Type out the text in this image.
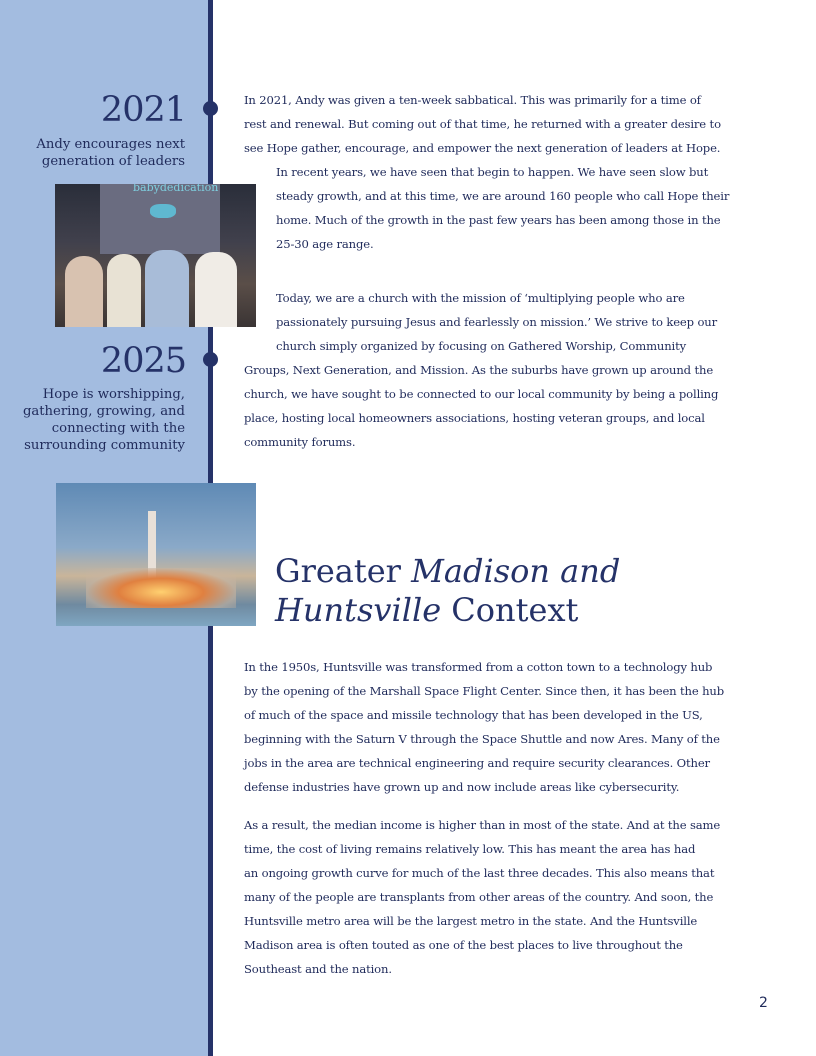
2021
Andy encourages next generation of leaders
2025
Hope is worshipping, gathering, growing, and connecting with the surrounding community
babydedication
Greater Madison and
Huntsville Context
In 2021, Andy was given a ten-week sabbatical. This was primarily for a time of
rest and renewal. But coming out of that time, he returned with a greater desire to
see Hope gather, encourage, and empower the next generation of leaders at Hope.
In recent years, we have seen that begin to happen. We have seen slow but
steady growth, and at this time, we are around 160 people who call Hope their
home. Much of the growth in the past few years has been among those in the
25-30 age range.
Today, we are a church with the mission of ‘multiplying people who are
passionately pursuing Jesus and fearlessly on mission.’ We strive to keep our
church simply organized by focusing on Gathered Worship, Community
Groups, Next Generation, and Mission. As the suburbs have grown up around the
church, we have sought to be connected to our local community by being a polling
place, hosting local homeowners associations, hosting veteran groups, and local
community forums.
In the 1950s, Huntsville was transformed from a cotton town to a technology hub
by the opening of the Marshall Space Flight Center. Since then, it has been the hub
of much of the space and missile technology that has been developed in the US,
beginning with the Saturn V through the Space Shuttle and now Ares. Many of the
jobs in the area are technical engineering and require security clearances. Other
defense industries have grown up and now include areas like cybersecurity.
As a result, the median income is higher than in most of the state. And at the same
time, the cost of living remains relatively low. This has meant the area has had
an ongoing growth curve for much of the last three decades. This also means that
many of the people are transplants from other areas of the country. And soon, the
Huntsville metro area will be the largest metro in the state. And the Huntsville
Madison area is often touted as one of the best places to live throughout the
Southeast and the nation.
2
